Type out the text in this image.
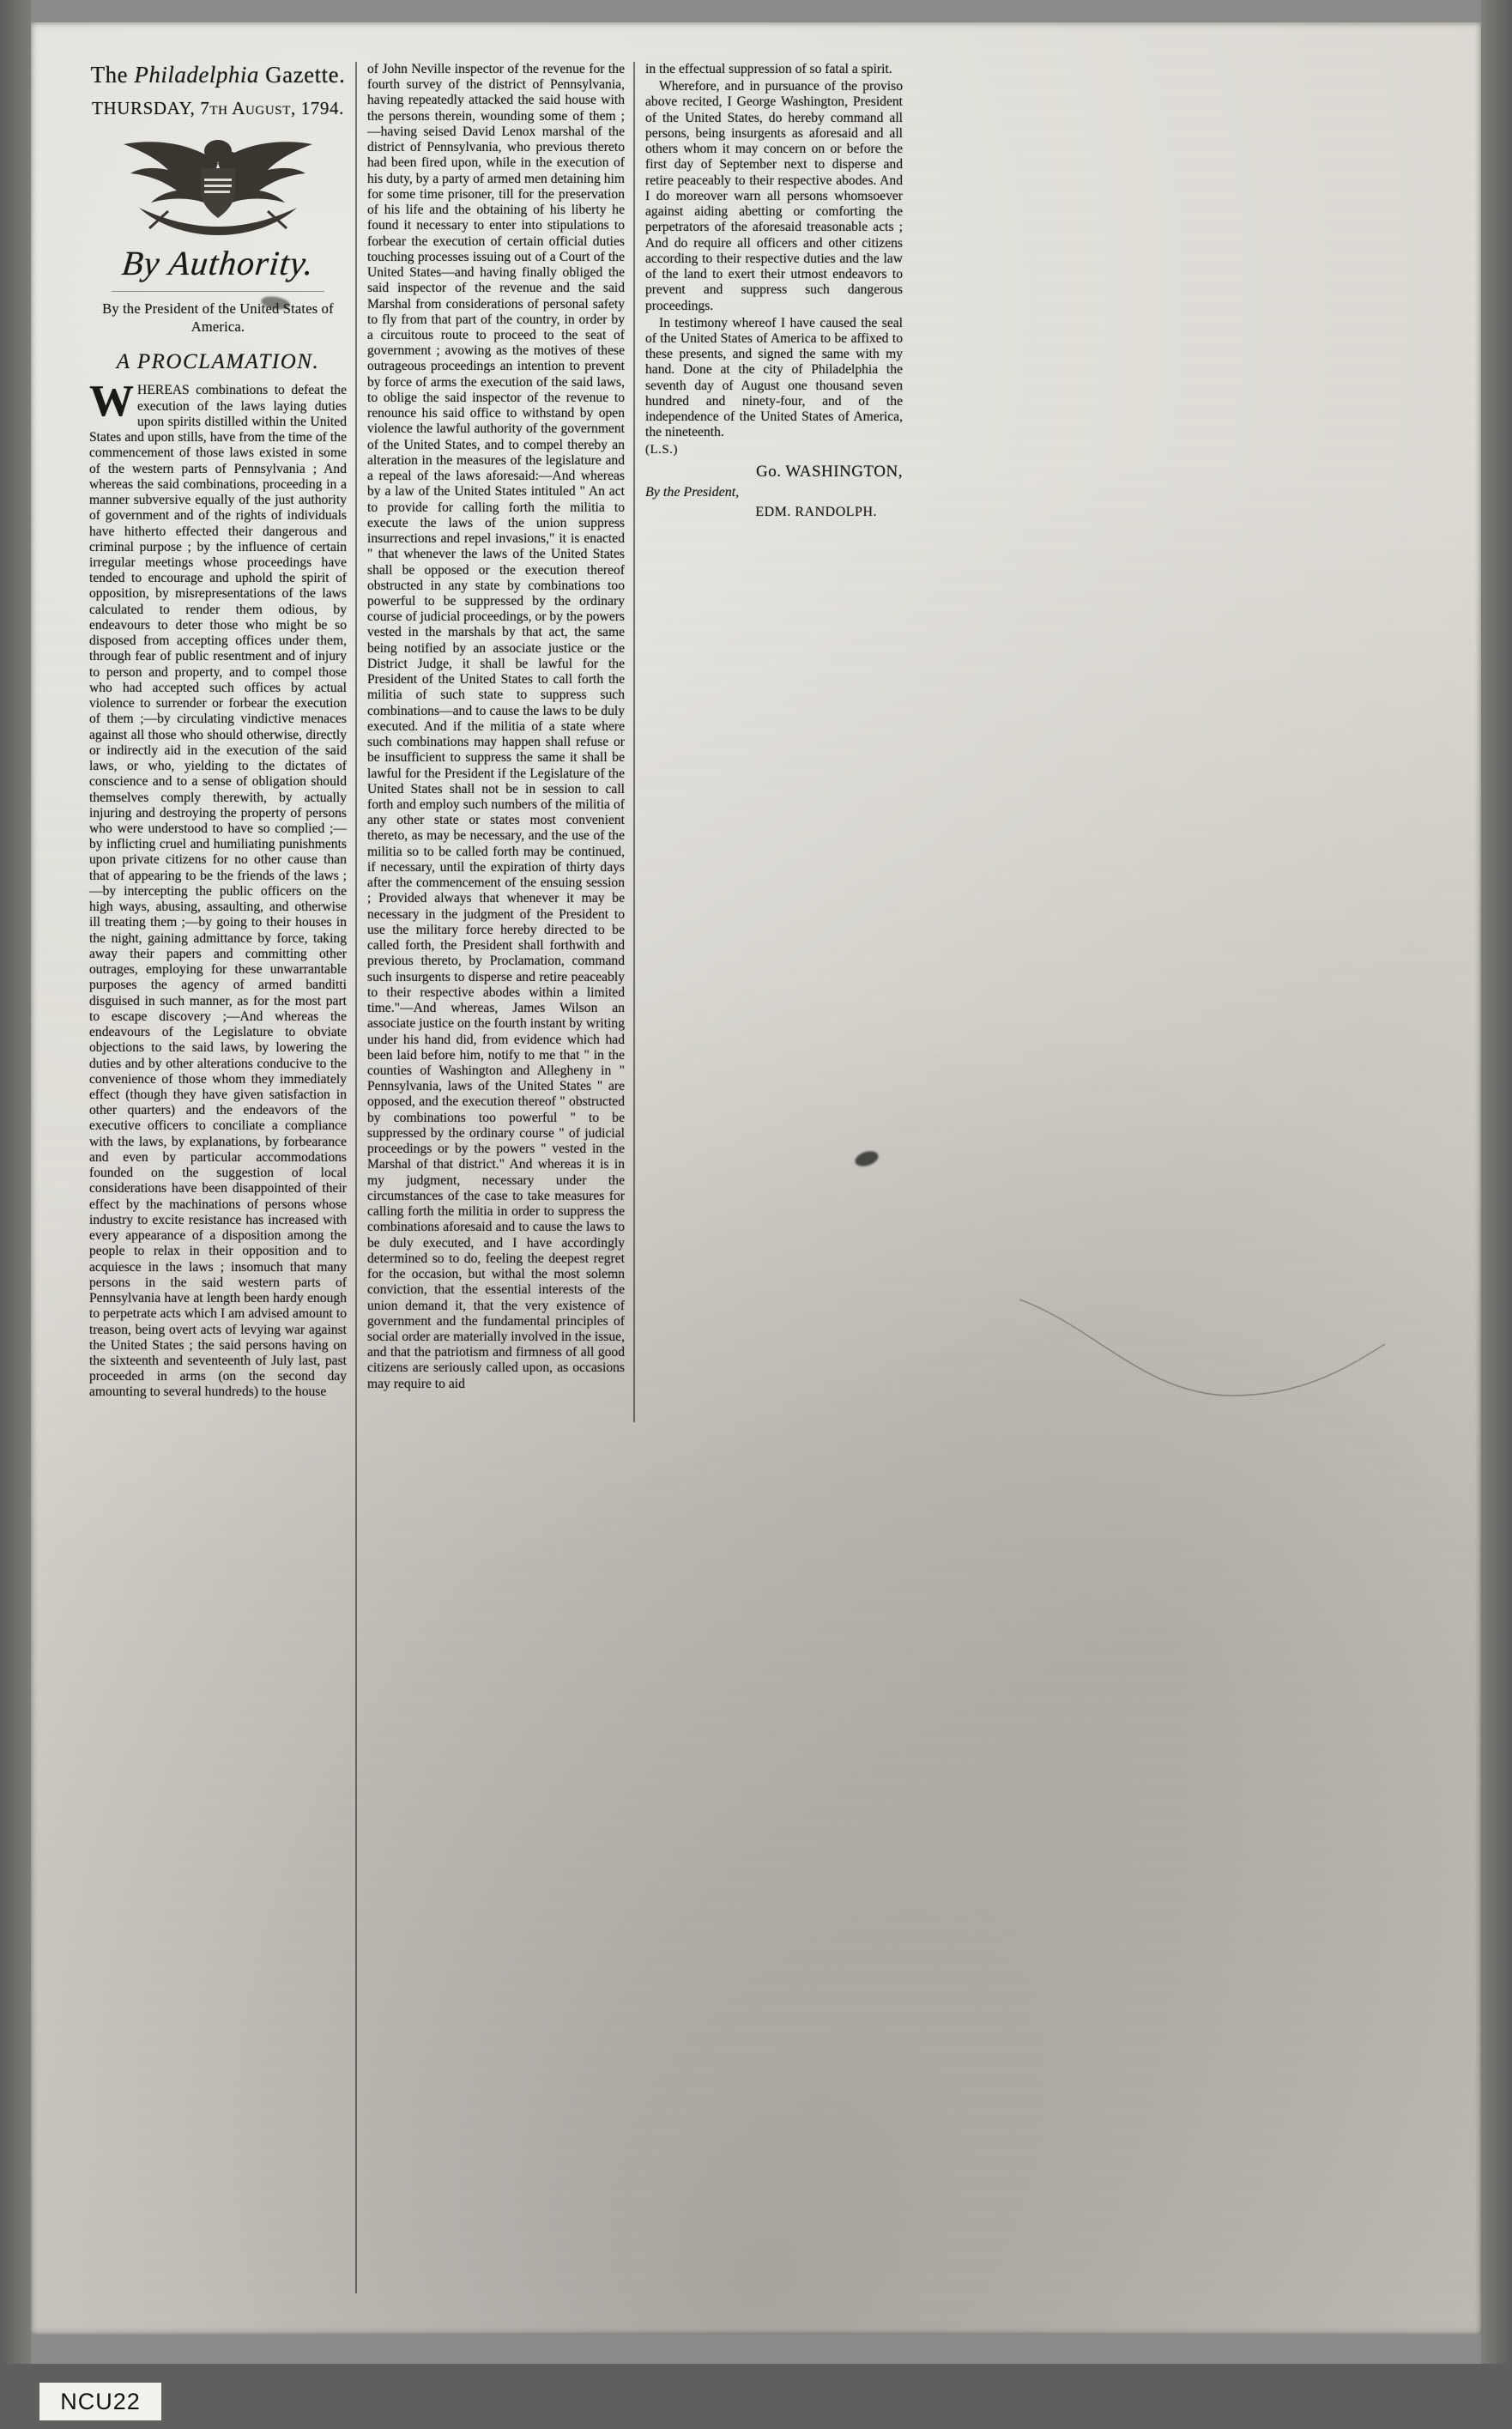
The Philadelphia Gazette.
THURSDAY, 7th August, 1794.
By Authority.
By the President of the United States of America.
A PROCLAMATION.

WHEREAS combinations to defeat the execution of the laws laying duties upon spirits distilled within the United States and upon stills, have from the time of the commencement of those laws existed in some of the western parts of Pennsylvania ; And whereas the said combinations, proceeding in a manner subversive equally of the just authority of government and of the rights of individuals have hitherto effected their dangerous and criminal purpose ; by the influence of certain irregular meetings whose proceedings have tended to encourage and uphold the spirit of opposition, by misrepresentations of the laws calculated to render them odious, by endeavours to deter those who might be so disposed from accepting offices under them, through fear of public resentment and of injury to person and property, and to compel those who had accepted such offices by actual violence to surrender or forbear the execution of them ;—by circulating vindictive menaces against all those who should otherwise, directly or indirectly aid in the execution of the said laws, or who, yielding to the dictates of conscience and to a sense of obligation should themselves comply therewith, by actually injuring and destroying the property of persons who were understood to have so complied ;—by inflicting cruel and humiliating punishments upon private citizens for no other cause than that of appearing to be the friends of the laws ;—by intercepting the public officers on the high ways, abusing, assaulting, and otherwise ill treating them ;—by going to their houses in the night, gaining admittance by force, taking away their papers and committing other outrages, employing for these unwarrantable purposes the agency of armed banditti disguised in such manner, as for the most part to escape discovery ;—And whereas the endeavours of the Legislature to obviate objections to the said laws, by lowering the duties and by other alterations conducive to the convenience of those whom they immediately effect (though they have given satisfaction in other quarters) and the endeavors of the executive officers to conciliate a compliance with the laws, by explanations, by forbearance and even by particular accommodations founded on the suggestion of local considerations have been disappointed of their effect by the machinations of persons whose industry to excite resistance has increased with every appearance of a disposition among the people to relax in their opposition and to acquiesce in the laws ; insomuch that many persons in the said western parts of Pennsylvania have at length been hardy enough to perpetrate acts which I am advised amount to treason, being overt acts of levying war against the United States ; the said persons having on the sixteenth and seventeenth of July last, past proceeded in arms (on the second day amounting to several hundreds) to the house

of John Neville inspector of the revenue for the fourth survey of the district of Pennsylvania, having repeatedly attacked the said house with the persons therein, wounding some of them ;—having seised David Lenox marshal of the district of Pennsylvania, who previous thereto had been fired upon, while in the execution of his duty, by a party of armed men detaining him for some time prisoner, till for the preservation of his life and the obtaining of his liberty he found it necessary to enter into stipulations to forbear the execution of certain official duties touching processes issuing out of a Court of the United States—and having finally obliged the said inspector of the revenue and the said Marshal from considerations of personal safety to fly from that part of the country, in order by a circuitous route to proceed to the seat of government ; avowing as the motives of these outrageous proceedings an intention to prevent by force of arms the execution of the said laws, to oblige the said inspector of the revenue to renounce his said office to withstand by open violence the lawful authority of the government of the United States, and to compel thereby an alteration in the measures of the legislature and a repeal of the laws aforesaid:—And whereas by a law of the United States intituled " An act to provide for calling forth the militia to execute the laws of the union suppress insurrections and repel invasions," it is enacted " that whenever the laws of the United States shall be opposed or the execution thereof obstructed in any state by combinations too powerful to be suppressed by the ordinary course of judicial proceedings, or by the powers vested in the marshals by that act, the same being notified by an associate justice or the District Judge, it shall be lawful for the President of the United States to call forth the militia of such state to suppress such combinations—and to cause the laws to be duly executed. And if the militia of a state where such combinations may happen shall refuse or be insufficient to suppress the same it shall be lawful for the President if the Legislature of the United States shall not be in session to call forth and employ such numbers of the militia of any other state or states most convenient thereto, as may be necessary, and the use of the militia so to be called forth may be continued, if necessary, until the expiration of thirty days after the commencement of the ensuing session ; Provided always that whenever it may be necessary in the judgment of the President to use the military force hereby directed to be called forth, the President shall forthwith and previous thereto, by Proclamation, command such insurgents to disperse and retire peaceably to their respective abodes within a limited time."—And whereas, James Wilson an associate justice on the fourth instant by writing under his hand did, from evidence which had been laid before him, notify to me that " in the counties of Washington and Allegheny in " Pennsylvania, laws of the United States " are opposed, and the execution thereof " obstructed by combinations too powerful " to be suppressed by the ordinary course " of judicial proceedings or by the powers " vested in the Marshal of that district." And whereas it is in my judgment, necessary under the circumstances of the case to take measures for calling forth the militia in order to suppress the combinations aforesaid and to cause the laws to be duly executed, and I have accordingly determined so to do, feeling the deepest regret for the occasion, but withal the most solemn conviction, that the essential interests of the union demand it, that the very existence of government and the fundamental principles of social order are materially involved in the issue, and that the patriotism and firmness of all good citizens are seriously called upon, as occasions may require to aid

in the effectual suppression of so fatal a spirit.

Wherefore, and in pursuance of the proviso above recited, I George Washington, President of the United States, do hereby command all persons, being insurgents as aforesaid and all others whom it may concern on or before the first day of September next to disperse and retire peaceably to their respective abodes. And I do moreover warn all persons whomsoever against aiding abetting or comforting the perpetrators of the aforesaid treasonable acts ; And do require all officers and other citizens according to their respective duties and the law of the land to exert their utmost endeavors to prevent and suppress such dangerous proceedings.

In testimony whereof I have caused the seal of the United States of America to be affixed to these presents, and signed the same with my hand. Done at the city of Philadelphia the seventh day of August one thousand seven hundred and ninety-four, and of the independence of the United States of America, the nineteenth.

(L.S.)
Go. WASHINGTON,
By the President,
EDM. RANDOLPH.
NCU22
